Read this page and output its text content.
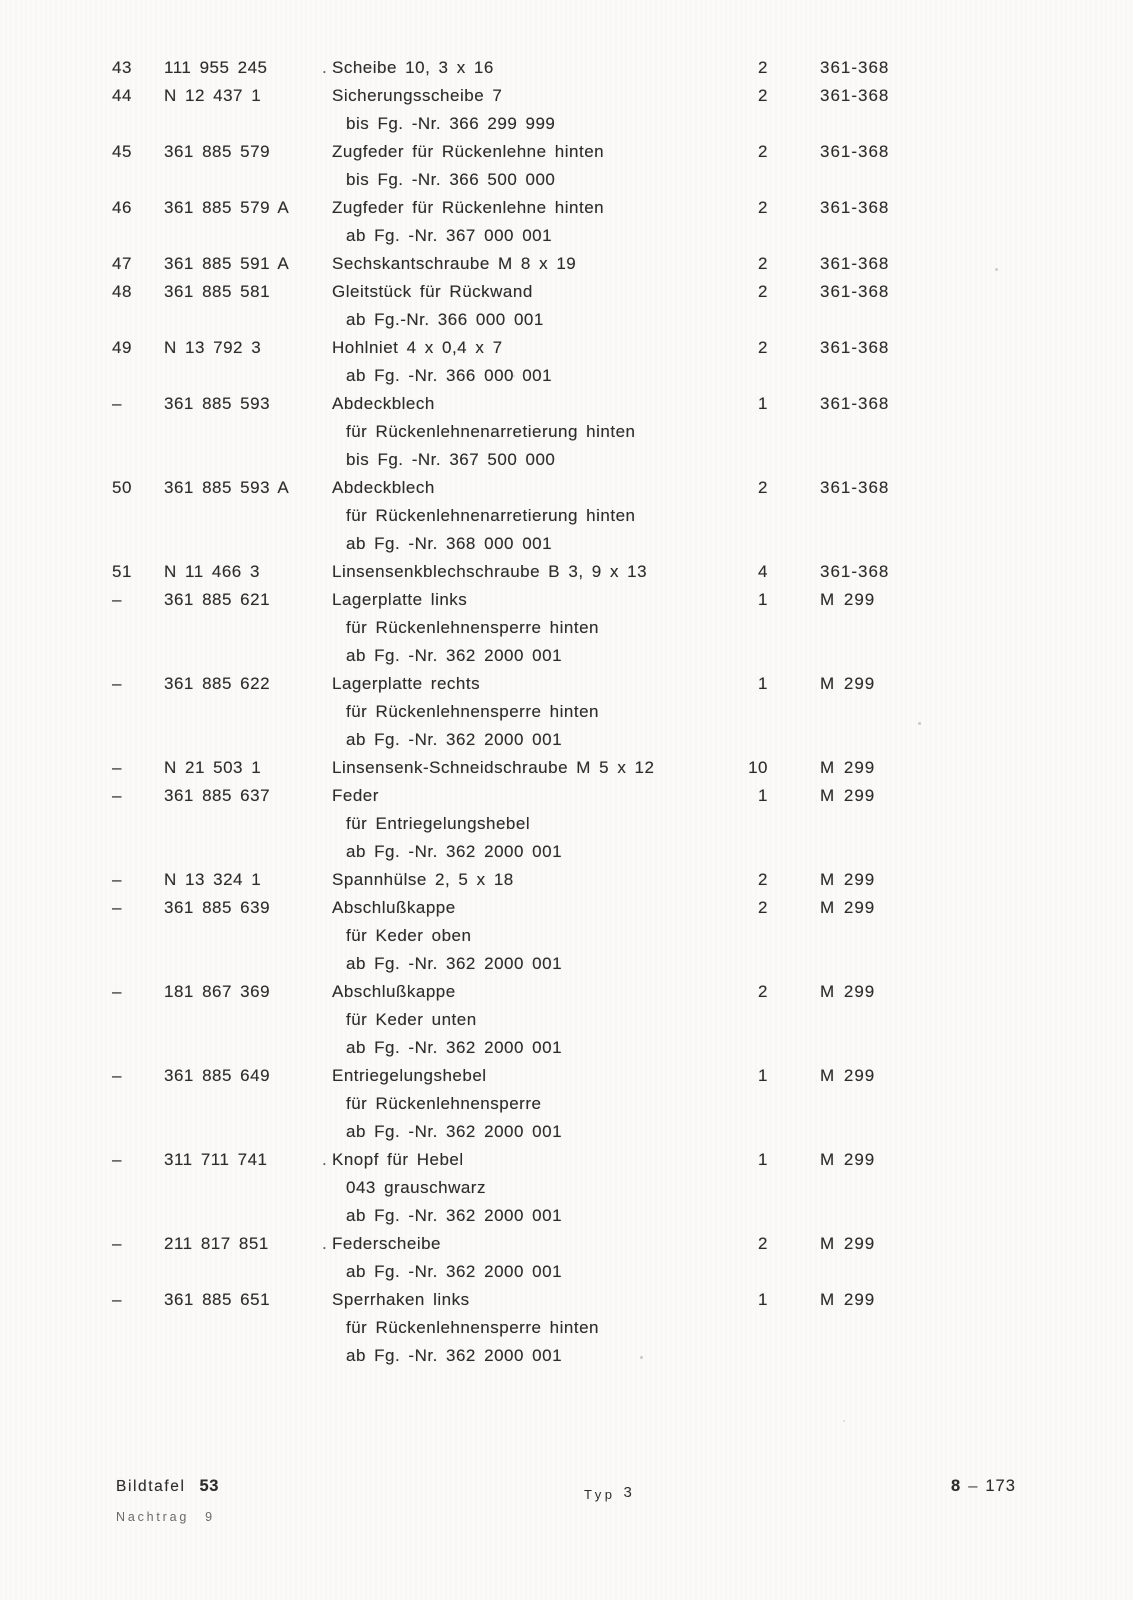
43 111 955 245	. Scheibe 10, 3 x 16	2	361-368
44 N 12 437 1	Sicherungsscheibe 7	2	361-368
bis Fg. -Nr. 366 299 999
45 361 885 579	Zugfeder für Rückenlehne hinten	2	361-368
bis Fg. -Nr. 366 500 000
46 361 885 579 A	Zugfeder für Rückenlehne hinten	2	361-368
ab Fg. -Nr. 367 000 001
47 361 885 591 A	Sechskantschraube M 8 x 19	2	361-368
48 361 885 581	Gleitstück für Rückwand	2	361-368
ab Fg.-Nr. 366 000 001
49 N 13 792 3	Hohlniet 4 x 0,4 x 7	2	361-368
ab Fg. -Nr. 366 000 001
– 361 885 593	Abdeckblech	1	361-368
für Rückenlehnenarretierung hinten
bis Fg. -Nr. 367 500 000
50 361 885 593 A	Abdeckblech	2	361-368
für Rückenlehnenarretierung hinten
ab Fg. -Nr. 368 000 001
51 N 11 466 3	Linsensenkblechschraube B 3, 9 x 13	4	361-368
– 361 885 621	Lagerplatte links	1	M 299
für Rückenlehnensperre hinten
ab Fg. -Nr. 362 2000 001
– 361 885 622	Lagerplatte rechts	1	M 299
für Rückenlehnensperre hinten
ab Fg. -Nr. 362 2000 001
– N 21 503 1	Linsensenk-Schneidschraube M 5 x 12	10	M 299
– 361 885 637	Feder	1	M 299
für Entriegelungshebel
ab Fg. -Nr. 362 2000 001
– N 13 324 1	Spannhülse 2, 5 x 18	2	M 299
– 361 885 639	Abschlußkappe	2	M 299
für Keder oben
ab Fg. -Nr. 362 2000 001
– 181 867 369	Abschlußkappe	2	M 299
für Keder unten
ab Fg. -Nr. 362 2000 001
– 361 885 649	Entriegelungshebel	1	M 299
für Rückenlehnensperre
ab Fg. -Nr. 362 2000 001
– 311 711 741	. Knopf für Hebel	1	M 299
043 grauschwarz
ab Fg. -Nr. 362 2000 001
– 211 817 851	. Federscheibe	2	M 299
ab Fg. -Nr. 362 2000 001
– 361 885 651	Sperrhaken links	1	M 299
für Rückenlehnensperre hinten
ab Fg. -Nr. 362 2000 001
Bildtafel 53
Nachtrag 9
Typ 3	8 – 173
